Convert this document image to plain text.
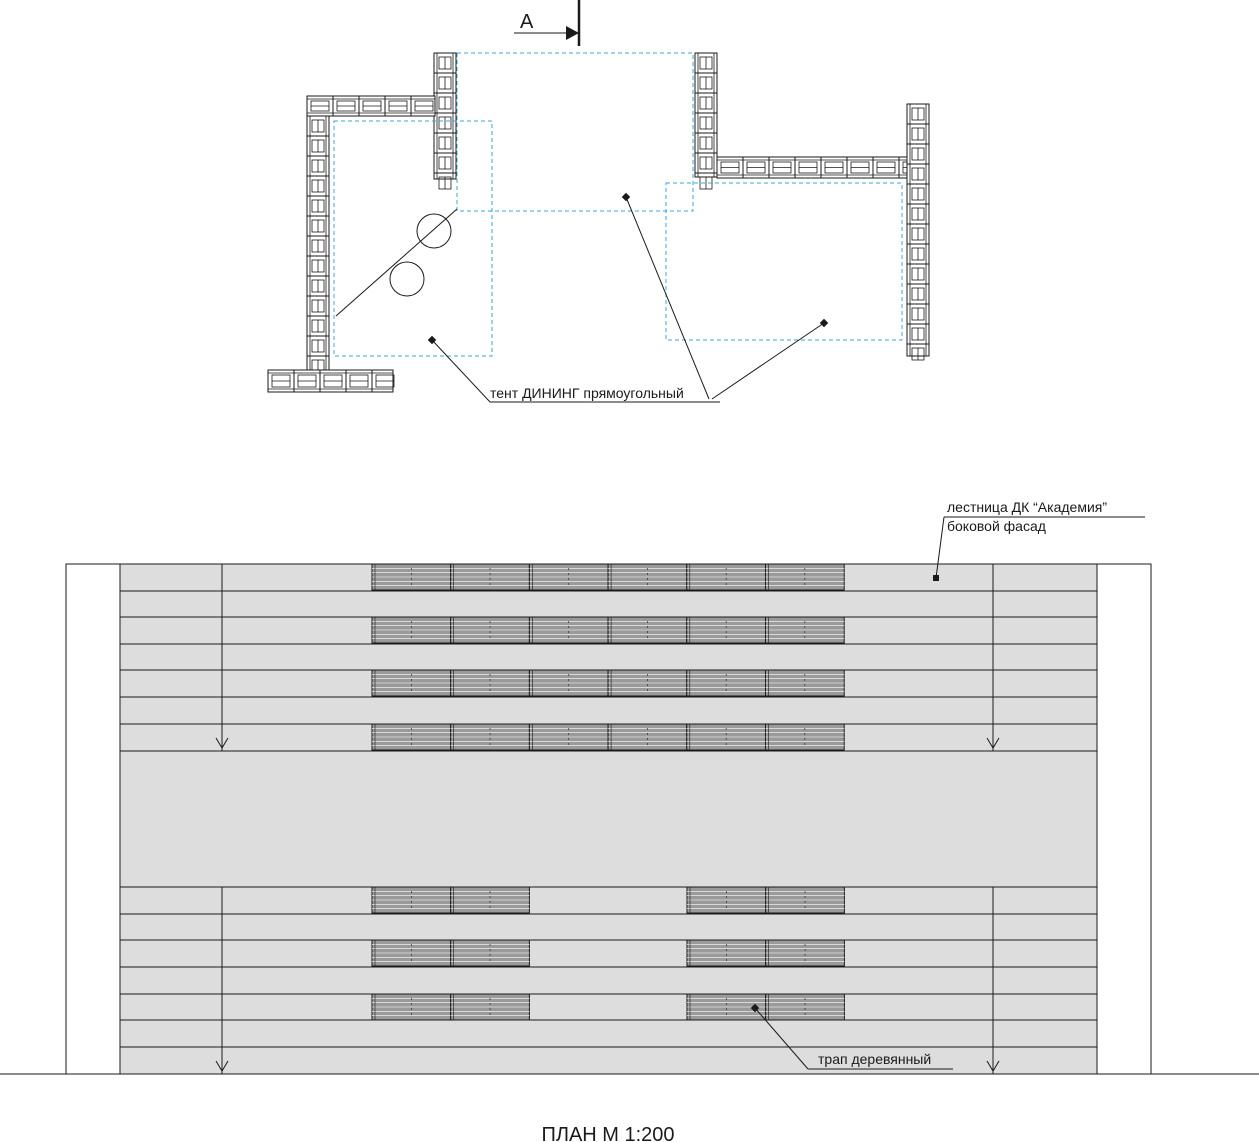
А
тент ДИНИНГ прямоугольный
лестница ДК “Академия”
боковой фасад
трап деревянный
ПЛАН М 1:200
